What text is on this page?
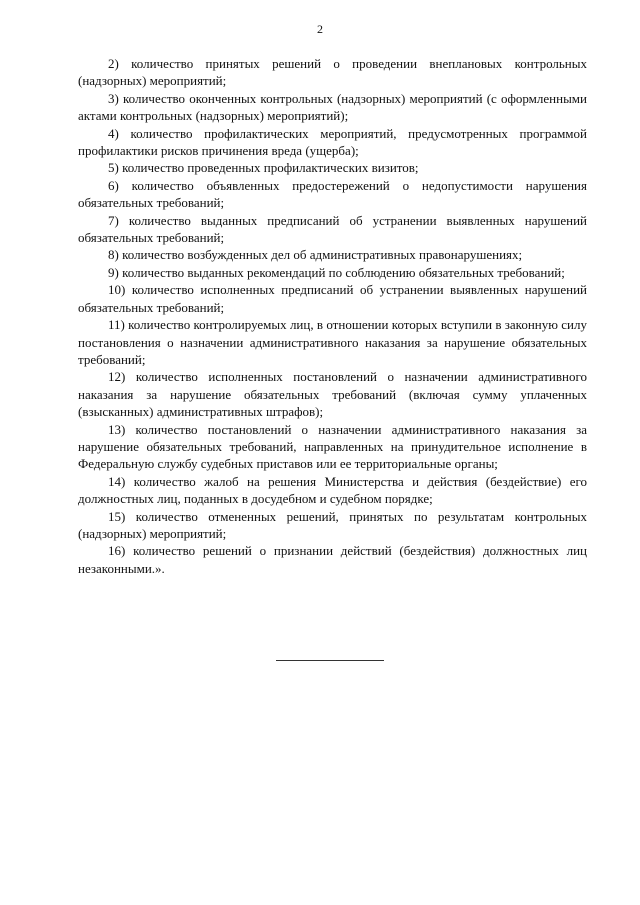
2

2) количество принятых решений о проведении внеплановых контрольных (надзорных) мероприятий;

3) количество оконченных контрольных (надзорных) мероприятий (с оформленными актами контрольных (надзорных) мероприятий);

4) количество профилактических мероприятий, предусмотренных программой профилактики рисков причинения вреда (ущерба);

5) количество проведенных профилактических визитов;

6) количество объявленных предостережений о недопустимости нарушения обязательных требований;

7) количество выданных предписаний об устранении выявленных нарушений обязательных требований;

8) количество возбужденных дел об административных правонарушениях;

9) количество выданных рекомендаций по соблюдению обязательных требований;

10) количество исполненных предписаний об устранении выявленных нарушений обязательных требований;

11) количество контролируемых лиц, в отношении которых вступили в законную силу постановления о назначении административного наказания за нарушение обязательных требований;

12) количество исполненных постановлений о назначении административного наказания за нарушение обязательных требований (включая сумму уплаченных (взысканных) административных штрафов);

13) количество постановлений о назначении административного наказания за нарушение обязательных требований, направленных на принудительное исполнение в Федеральную службу судебных приставов или ее территориальные органы;

14) количество жалоб на решения Министерства и действия (бездействие) его должностных лиц, поданных в досудебном и судебном порядке;

15) количество отмененных решений, принятых по результатам контрольных (надзорных) мероприятий;

16) количество решений о признании действий (бездействия) должностных лиц незаконными.».
